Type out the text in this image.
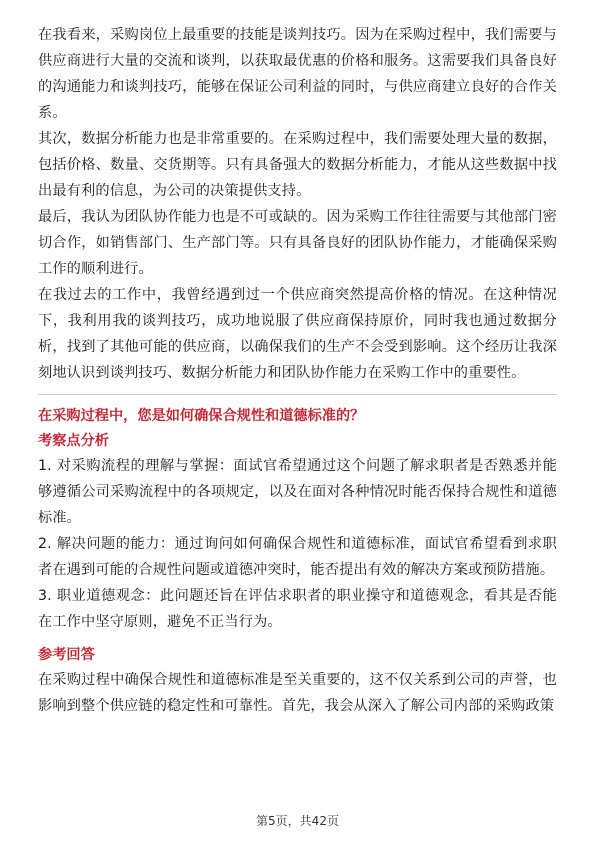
在我看来，采购岗位上最重要的技能是谈判技巧。因为在采购过程中，我们需要与供应商进行大量的交流和谈判，以获取最优惠的价格和服务。这需要我们具备良好的沟通能力和谈判技巧，能够在保证公司利益的同时，与供应商建立良好的合作关系。

其次，数据分析能力也是非常重要的。在采购过程中，我们需要处理大量的数据，包括价格、数量、交货期等。只有具备强大的数据分析能力，才能从这些数据中找出最有利的信息，为公司的决策提供支持。

最后，我认为团队协作能力也是不可或缺的。因为采购工作往往需要与其他部门密切合作，如销售部门、生产部门等。只有具备良好的团队协作能力，才能确保采购工作的顺利进行。

在我过去的工作中，我曾经遇到过一个供应商突然提高价格的情况。在这种情况下，我利用我的谈判技巧，成功地说服了供应商保持原价，同时我也通过数据分析，找到了其他可能的供应商，以确保我们的生产不会受到影响。这个经历让我深刻地认识到谈判技巧、数据分析能力和团队协作能力在采购工作中的重要性。

在采购过程中，您是如何确保合规性和道德标准的？

考察点分析

1. 对采购流程的理解与掌握：面试官希望通过这个问题了解求职者是否熟悉并能够遵循公司采购流程中的各项规定，以及在面对各种情况时能否保持合规性和道德标准。

2. 解决问题的能力：通过询问如何确保合规性和道德标准，面试官希望看到求职者在遇到可能的合规性问题或道德冲突时，能否提出有效的解决方案或预防措施。

3. 职业道德观念：此问题还旨在评估求职者的职业操守和道德观念，看其是否能在工作中坚守原则，避免不正当行为。

参考回答

在采购过程中确保合规性和道德标准是至关重要的，这不仅关系到公司的声誉，也影响到整个供应链的稳定性和可靠性。首先，我会从深入了解公司内部的采购政策

第5页，共42页
